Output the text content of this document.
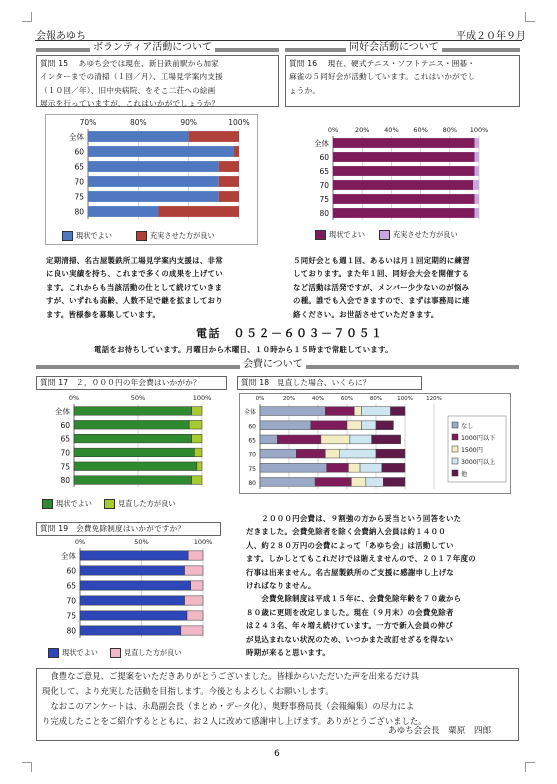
会報あゆち	平成２０年９月
ボランティア活動について
質問 15　 あゆち会では現在、新日鉄前駅から加家
インターまでの清掃（１回／月）、工場見学案内支援
（１０回／年）、旧中央病院、をそこ二荘への絵画
展示を行っていますが、これはいかがでしょうか？
同好会活動について
質問 16　 現在、硬式テニス・ソフトテニス・囲碁・
麻雀の５同好会が活動しています。これはいかがでし
ょうか。
70%	80%	90%	100%
全体
60
65
70
75
80
現状でよい	充実させた方が良い
0%	20% 40% 60% 80% 100%
全体
60
65
70
75
80
現状でよい	充実させた方が良い
定期清掃、名古屋製鉄所工場見学案内支援は、非常
に良い実績を持ち、これまで多くの成果を上げてい
ます。これからも当該活動の仕として続けていきま
すが、いずれも高齢、人数不足で継を拡ましており
ます。皆様参を募集しています。
５同好会とも週１回、あるいは月１回定期的に練習
しております。また年１回、同好会大会を開催する
など活動は活発ですが、メンバー少少ないのが悩み
の種。誰でも入会できますので、まずは事務局に連
絡ください。お世話させていただきます。
電話　０５２－６０３－７０５１
電話をお待ちしています。月曜日から木曜日、１０時から１５時まで常駐しています。
会費について
質問 17　２，０００円の年会費はいかがか？
0%	50%	100%
全体
60
65
70
75
80
現状でよい	見直した方が良い
質問 18　見直した場合、いくらに？
0%	20%	40%	60%	80%	100% 120%
全体
60
65
70
75
80
なし
1000円以下
1500円
3000円以上
他
質問 19　会費免除制度はいかがですか？
0%	50%	100%
全体
60
65
70
75
80
現状でよい	見直した方が良い
　　２０００円会費は、９割強の方から妥当という回答をいた
だきました。会費免除者を除く会費納入会員は約１４００
人、約２８０万円の会費によって「あゆち会」は活動してい
ます。しかしとてもこれだけでは賄えませんので、２０１７年度の
行事は出来ません。名古屋製鉄所のご支援に感謝申し上げな
ければなりません。
　　会費免除制度は平成１５年に、会費免除年齢を７０歳から
８０歳に更則を改定しました。現在（９月末）の会費免除者
は２４３名、年々増え続けています。一方で新入会員の伸び
が見込まれない状況のため、いつかまた改訂せざるを得ない
時期が来ると思います。
　食豊なご意見、ご提案をいただきありがとうございました。皆様からいただいた声を出来るだけ具
現化して、より充実した活動を目指します。今後ともよろしくお願いします。
　なおこのアンケートは、永島副会長（まとめ・データ化）、奥野事務局長（会報編集）の尽力によ
り完成したことをご紹介するとともに、お２人に改めて感謝申し上げます。ありがとうございました。
あゆち会会長　粟原　四郎
6
